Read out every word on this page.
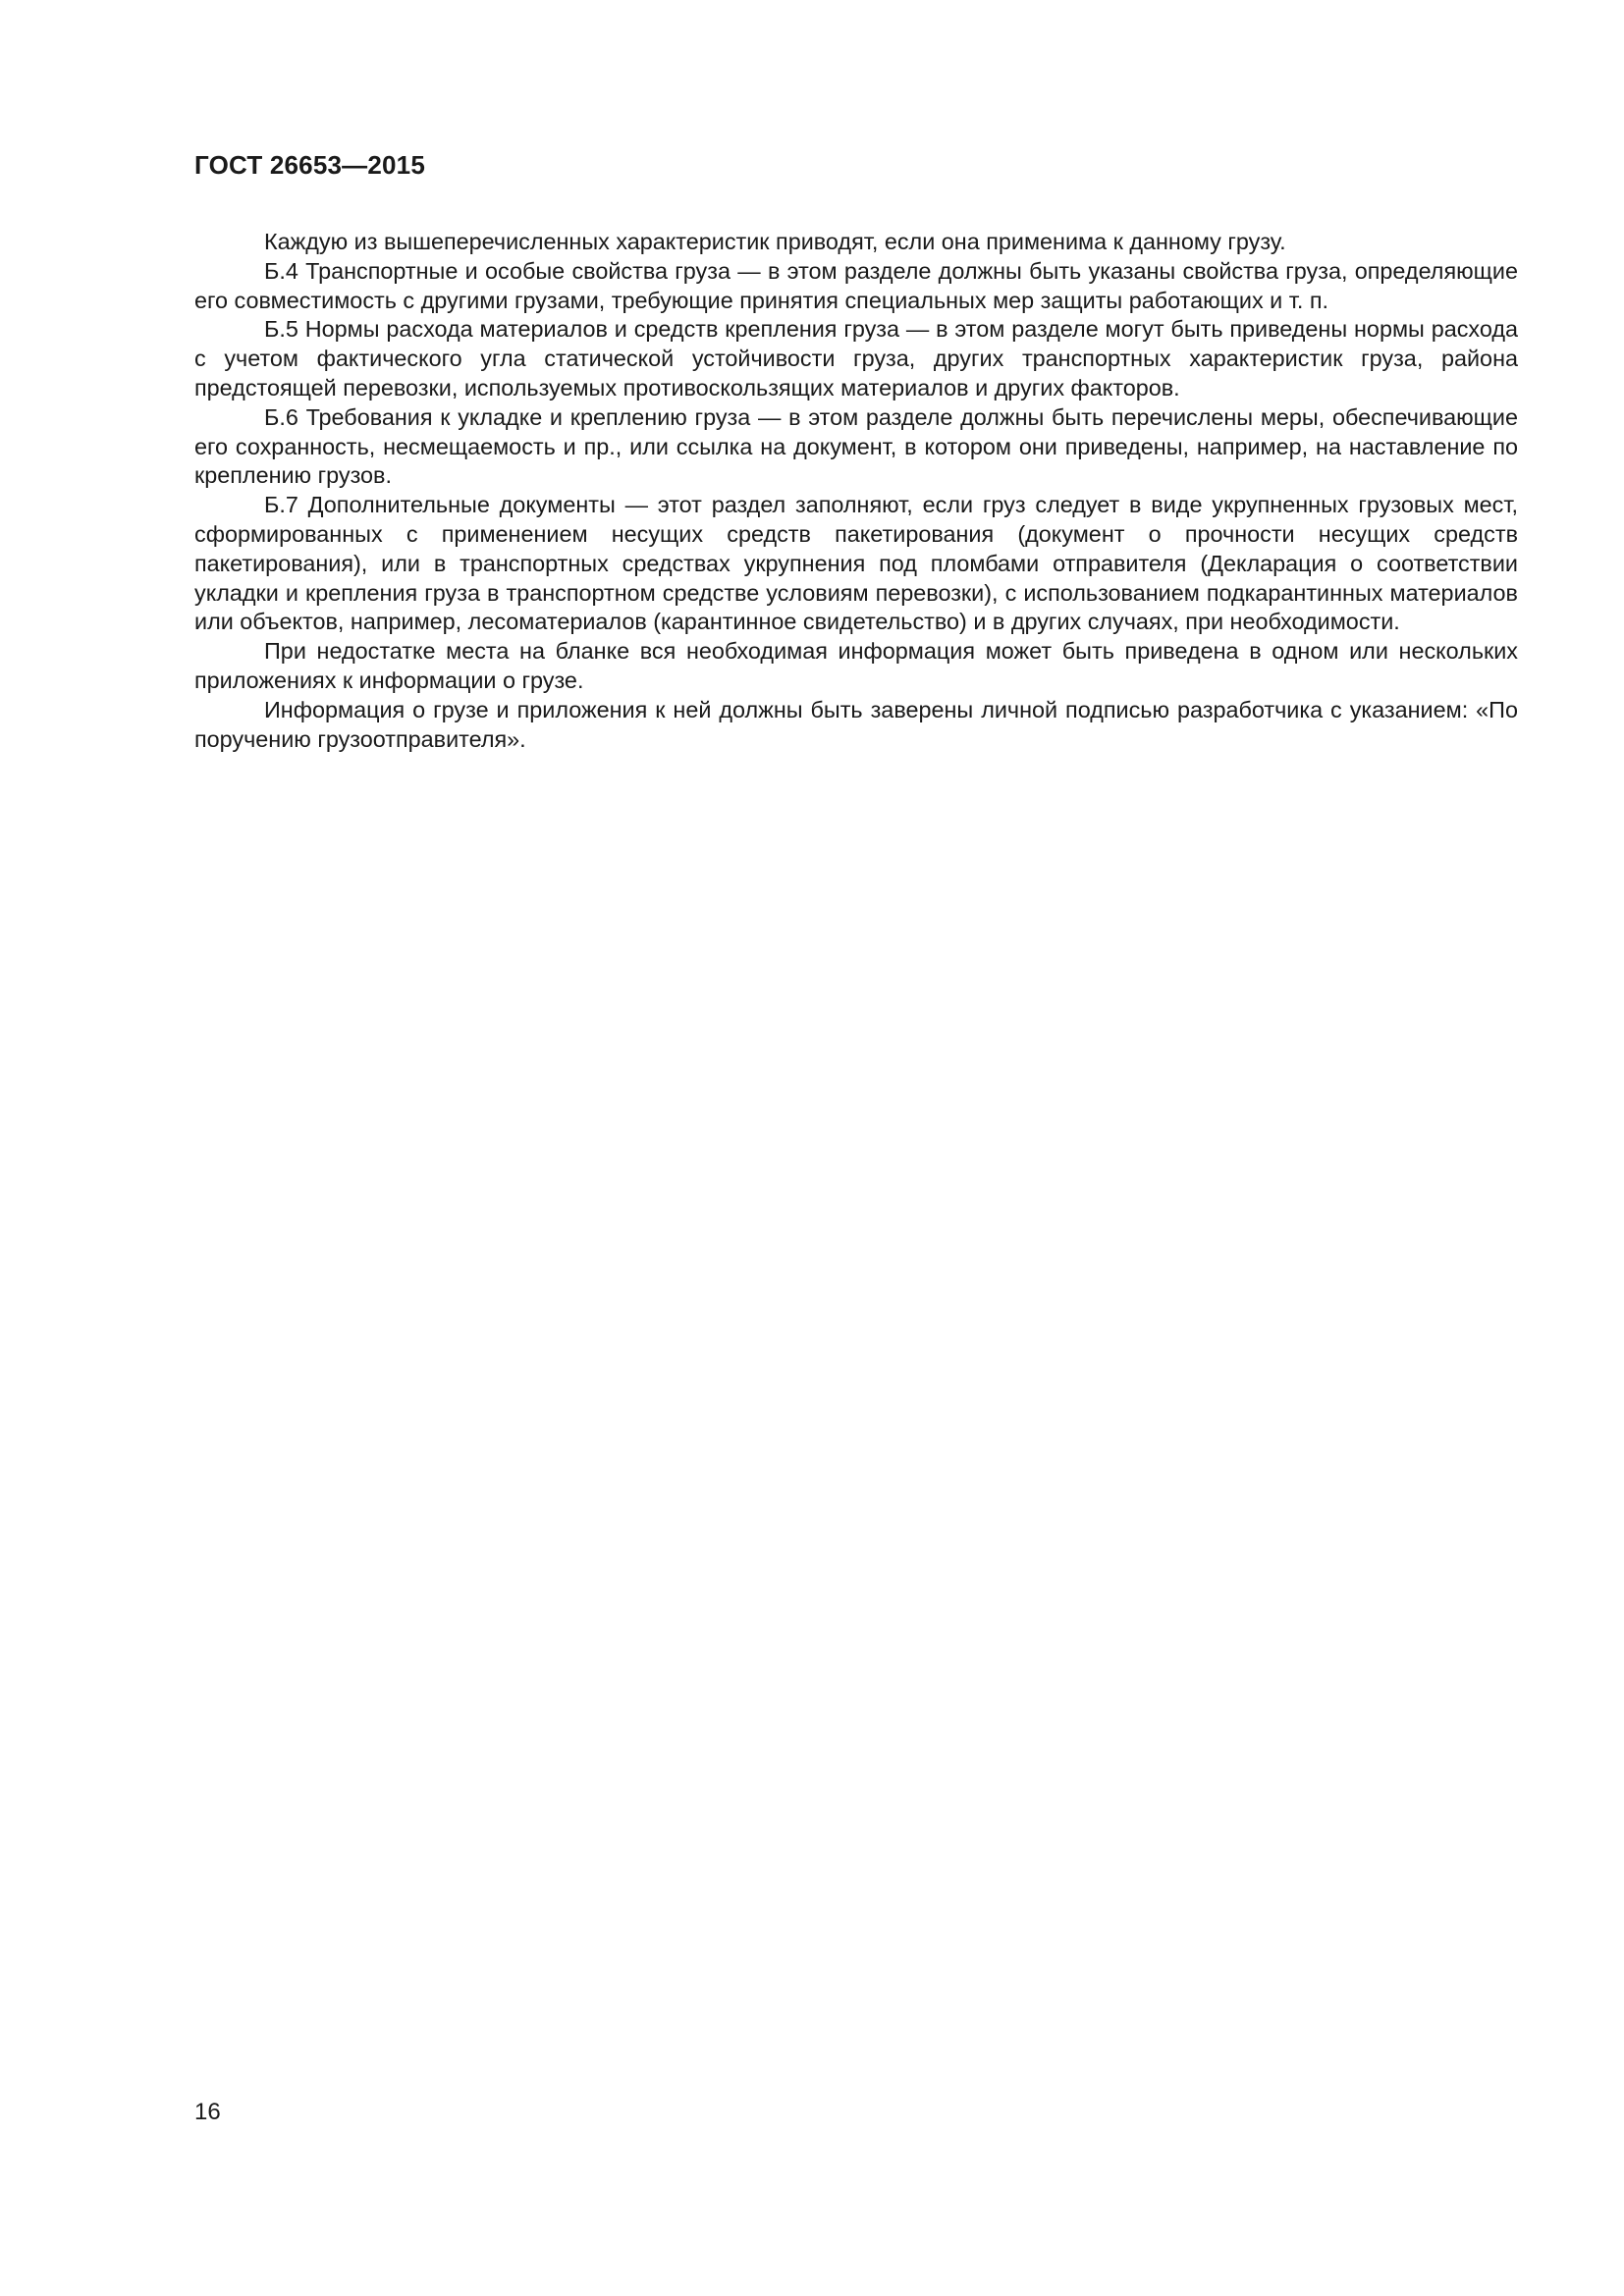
ГОСТ 26653—2015

Каждую из вышеперечисленных характеристик приводят, если она применима к данному грузу.

Б.4 Транспортные и особые свойства груза — в этом разделе должны быть указаны свойства груза, определяющие его совместимость с другими грузами, требующие принятия специальных мер защиты работающих и т. п.

Б.5 Нормы расхода материалов и средств крепления груза — в этом разделе могут быть приведены нормы расхода с учетом фактического угла статической устойчивости груза, других транспортных характеристик груза, района предстоящей перевозки, используемых противоскользящих материалов и других факторов.

Б.6 Требования к укладке и креплению груза — в этом разделе должны быть перечислены меры, обеспечивающие его сохранность, несмещаемость и пр., или ссылка на документ, в котором они приведены, например, на наставление по креплению грузов.

Б.7 Дополнительные документы — этот раздел заполняют, если груз следует в виде укрупненных грузовых мест, сформированных с применением несущих средств пакетирования (документ о прочности несущих средств пакетирования), или в транспортных средствах укрупнения под пломбами отправителя (Декларация о соответствии укладки и крепления груза в транспортном средстве условиям перевозки), с использованием подкарантинных материалов или объектов, например, лесоматериалов (карантинное свидетельство) и в других случаях, при необходимости.

При недостатке места на бланке вся необходимая информация может быть приведена в одном или нескольких приложениях к информации о грузе.

Информация о грузе и приложения к ней должны быть заверены личной подписью разработчика с указанием: «По поручению грузоотправителя».

16
